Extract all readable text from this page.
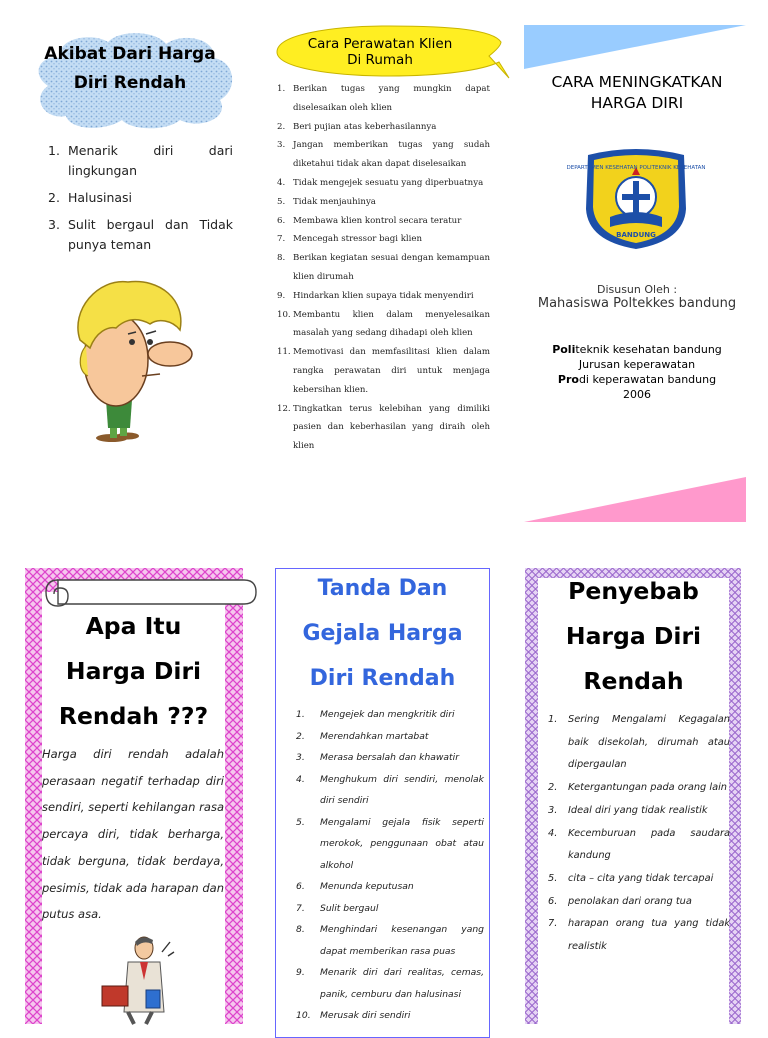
Akibat Dari Harga Diri Rendah
1. Menarik diri dari lingkungan
2. Halusinasi
3. Sulit bergaul dan Tidak punya teman
Cara Perawatan Klien Di Rumah
1. Berikan tugas yang mungkin dapat diselesaikan oleh klien
2. Beri pujian atas keberhasilannya
3. Jangan memberikan tugas yang sudah diketahui tidak akan dapat diselesaikan
4. Tidak mengejek sesuatu yang diperbuatnya
5. Tidak menjauhinya
6. Membawa klien kontrol secara teratur
7. Mencegah stressor bagi klien
8. Berikan kegiatan sesuai dengan kemampuan klien dirumah
9. Hindarkan klien supaya tidak menyendiri
10. Membantu klien dalam menyelesaikan masalah yang sedang dihadapi oleh klien
11. Memotivasi dan memfasilitasi klien dalam rangka perawatan diri untuk menjaga kebersihan klien.
12. Tingkatkan terus kelebihan yang dimiliki pasien dan keberhasilan yang diraih oleh klien
CARA MENINGKATKAN HARGA DIRI
DEPARTEMEN KESEHATAN POLITEKNIK KESEHATAN
BANDUNG
Disusun Oleh :
Mahasiswa Poltekkes bandung
Politeknik kesehatan bandung
Jurusan keperawatan
Prodi keperawatan bandung
2006
Apa Itu Harga Diri Rendah ???
Harga diri rendah adalah perasaan negatif terhadap diri sendiri, seperti kehilangan rasa percaya diri, tidak berharga, tidak berguna, tidak berdaya, pesimis, tidak ada harapan dan putus asa.
Tanda Dan Gejala Harga Diri Rendah
1. Mengejek dan mengkritik diri
2. Merendahkan martabat
3. Merasa bersalah dan khawatir
4. Menghukum diri sendiri, menolak diri sendiri
5. Mengalami gejala fisik seperti merokok, penggunaan obat atau alkohol
6. Menunda keputusan
7. Sulit bergaul
8. Menghindari kesenangan yang dapat memberikan rasa puas
9. Menarik diri dari realitas, cemas, panik, cemburu dan halusinasi
10. Merusak diri sendiri
Penyebab Harga Diri Rendah
1. Sering Mengalami Kegagalan baik disekolah, dirumah atau dipergaulan
2. Ketergantungan pada orang lain
3. Ideal diri yang tidak realistik
4. Kecemburuan pada saudara kandung
5. cita – cita yang tidak tercapai
6. penolakan dari orang tua
7. harapan orang tua yang tidak realistik
